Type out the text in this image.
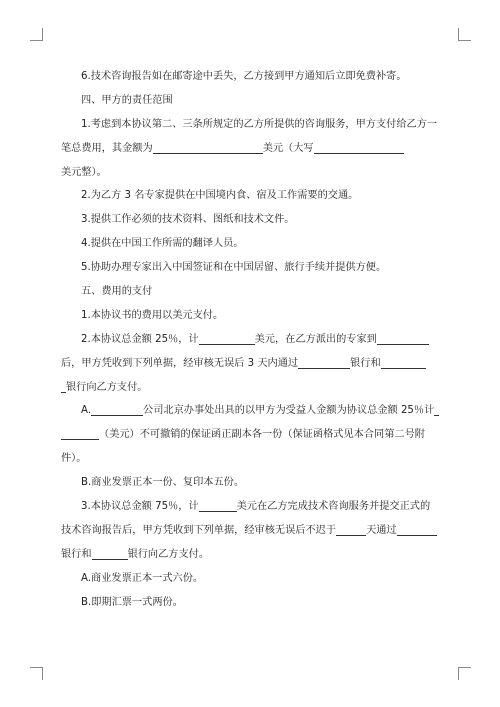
6.技术咨询报告如在邮寄途中丢失，乙方接到甲方通知后立即免费补寄。
四、甲方的责任范围
1.考虑到本协议第二、三条所规定的乙方所提供的咨询服务，甲方支付给乙方一
笔总费用，其金额为	美元（大写
美元整）。
2.为乙方 3 名专家提供在中国境内食、宿及工作需要的交通。
3.提供工作必须的技术资料、图纸和技术文件。
4.提供在中国工作所需的翻译人员。
5.协助办理专家出入中国签证和在中国居留、旅行手续并提供方便。
五、费用的支付
1.本协议书的费用以美元支付。
2.本协议总金额 25％，计	美元，在乙方派出的专家到
后，甲方凭收到下列单据，经审核无误后 3 天内通过	银行和
银行向乙方支付。
A.	公司北京办事处出具的以甲方为受益人金额为协议总金额 25％计
（美元）不可撤销的保证函正副本各一份（保证函格式见本合同第二号附
件）。
B.商业发票正本一份、复印本五份。
3.本协议总金额 75％，计	美元在乙方完成技术咨询服务并提交正式的
技术咨询报告后，甲方凭收到下列单据，经审核无误后不迟于	天通过
银行和	银行向乙方支付。
A.商业发票正本一式六份。
B.即期汇票一式两份。
